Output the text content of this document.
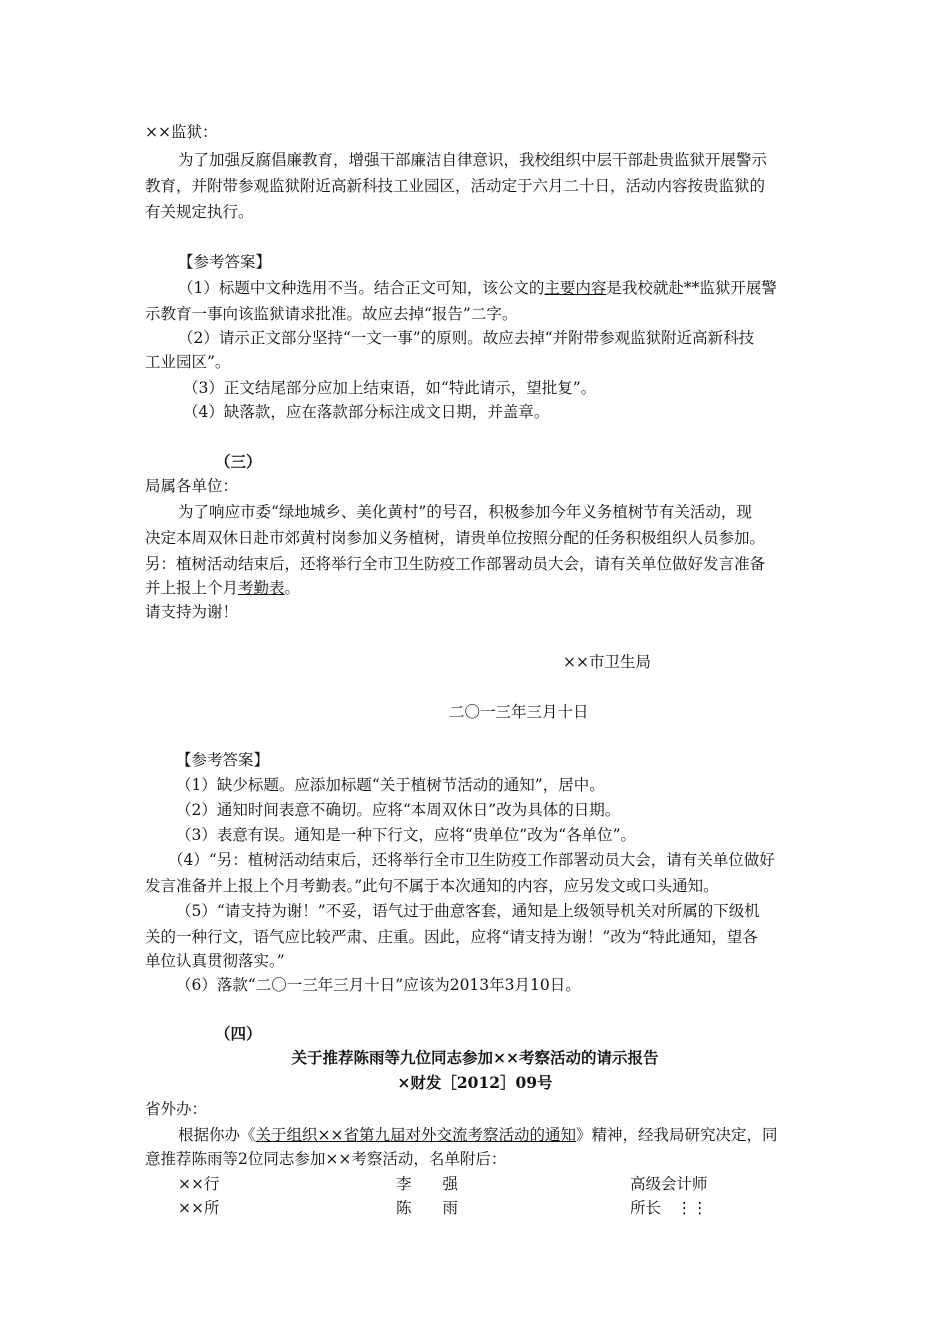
××监狱：
为了加强反腐倡廉教育，增强干部廉洁自律意识，我校组织中层干部赴贵监狱开展警示
教育，并附带参观监狱附近高新科技工业园区，活动定于六月二十日，活动内容按贵监狱的
有关规定执行。
【参考答案】
（1）标题中文种选用不当。结合正文可知，该公文的主要内容是我校就赴**监狱开展警
示教育一事向该监狱请求批准。故应去掉“报告”二字。
（2）请示正文部分坚持“一文一事”的原则。故应去掉“并附带参观监狱附近高新科技
工业园区”。
（3）正文结尾部分应加上结束语，如“特此请示，望批复”。
（4）缺落款，应在落款部分标注成文日期，并盖章。
（三）
局属各单位：
为了响应市委“绿地城乡、美化黄村”的号召，积极参加今年义务植树节有关活动，现
决定本周双休日赴市郊黄村岗参加义务植树，请贵单位按照分配的任务积极组织人员参加。
另：植树活动结束后，还将举行全市卫生防疫工作部署动员大会，请有关单位做好发言准备
并上报上个月考勤表。
请支持为谢！
××市卫生局
二〇一三年三月十日
【参考答案】
（1）缺少标题。应添加标题“关于植树节活动的通知”，居中。
（2）通知时间表意不确切。应将“本周双休日”改为具体的日期。
（3）表意有误。通知是一种下行文，应将“贵单位”改为“各单位”。
（4）“另：植树活动结束后，还将举行全市卫生防疫工作部署动员大会，请有关单位做好
发言准备并上报上个月考勤表。”此句不属于本次通知的内容，应另发文或口头通知。
（5）“请支持为谢！”不妥，语气过于曲意客套，通知是上级领导机关对所属的下级机
关的一种行文，语气应比较严肃、庄重。因此，应将“请支持为谢！”改为“特此通知，望各
单位认真贯彻落实。”
（6）落款“二〇一三年三月十日”应该为2013年3月10日。
（四）
关于推荐陈雨等九位同志参加××考察活动的请示报告
×财发［2012］09号
省外办：
根据你办《关于组织××省第九届对外交流考察活动的通知》精神，经我局研究决定，同
意推荐陈雨等2位同志参加××考察活动，名单附后：
××行	李　　强	高级会计师
××所	陈　　雨	所长　⋮⋮
